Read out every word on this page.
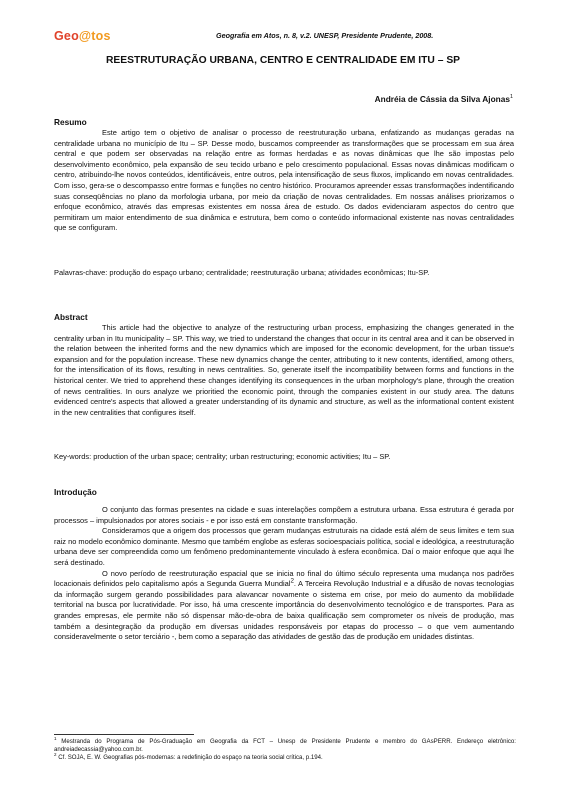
Geo@tos	Geografia em Atos, n. 8, v.2. UNESP, Presidente Prudente, 2008.
REESTRUTURAÇÃO URBANA, CENTRO E CENTRALIDADE EM ITU – SP
Andréia de Cássia da Silva Ajonas$^1$
Resumo

Este artigo tem o objetivo de analisar o processo de reestruturação urbana, enfatizando as mudanças geradas na centralidade urbana no município de Itu – SP. Desse modo, buscamos compreender as transformações que se processam em sua área central e que podem ser observadas na relação entre as formas herdadas e as novas dinâmicas que lhe são impostas pelo desenvolvimento econômico, pela expansão de seu tecido urbano e pelo crescimento populacional. Essas novas dinâmicas modificam o centro, atribuindo-lhe novos conteúdos, identificáveis, entre outros, pela intensificação de seus fluxos, implicando em novas centralidades. Com isso, gera-se o descompasso entre formas e funções no centro histórico. Procuramos apreender essas transformações indentificando suas conseqüências no plano da morfologia urbana, por meio da criação de novas centralidades. Em nossas análises priorizamos o enfoque econômico, através das empresas existentes em nossa área de estudo. Os dados evidenciaram aspectos do centro que permitiram um maior entendimento de sua dinâmica e estrutura, bem como o conteúdo informacional existente nas novas centralidades que se configuram.

Palavras-chave: produção do espaço urbano; centralidade; reestruturação urbana; atividades econômicas; Itu-SP.

Abstract

This article had the objective to analyze of the restructuring urban process, emphasizing the changes generated in the centrality urban in Itu municipality – SP. This way, we tried to understand the changes that occur in its central area and it can be observed in the relation between the inherited forms and the new dynamics which are imposed for the economic development, for the urban tissue's expansion and for the population increase. These new dynamics change the center, attributing to it new contents, identified, among others, for the intensification of its flows, resulting in news centralities. So, generate itself the incompatibility between forms and functions in the historical center. We tried to apprehend these changes identifying its consequences in the urban morphology's plane, through the creation of news centralities. In ours analyze we prioritied the economic point, through the companies existent in our study area. The datuns evidenced centre's aspects that allowed a greater understanding of its dynamic and structure, as well as the informational content existent in the new centralities that configures itself.

Key-words: production of the urban space; centrality; urban restructuring; economic activities; Itu – SP.

Introdução

O conjunto das formas presentes na cidade e suas interelações compõem a estrutura urbana. Essa estrutura é gerada por processos – impulsionados por atores sociais - e por isso está em constante transformação.

Consideramos que a origem dos processos que geram mudanças estruturais na cidade está além de seus limites e tem sua raiz no modelo econômico dominante. Mesmo que também englobe as esferas socioespaciais política, social e ideológica, a reestruturação urbana deve ser compreendida como um fenômeno predominantemente vinculado à esfera econômica. Daí o maior enfoque que aqui lhe será destinado.

O novo período de reestruturação espacial que se inicia no final do último século representa uma mudança nos padrões locacionais definidos pelo capitalismo após a Segunda Guerra Mundial$^2$. A Terceira Revolução Industrial e a difusão de novas tecnologias da informação surgem gerando possibilidades para alavancar novamente o sistema em crise, por meio do aumento da mobilidade territorial na busca por lucratividade. Por isso, há uma crescente importância do desenvolvimento tecnológico e de transportes. Para as grandes empresas, ele permite não só dispensar mão-de-obra de baixa qualificação sem comprometer os níveis de produção, mas também a desintegração da produção em diversas unidades responsáveis por etapas do processo – o que vem aumentando consideravelmente o setor terciário -, bem como a separação das atividades de gestão das de produção em unidades distintas.

$^1$ Mestranda do Programa de Pós-Graduação em Geografia da FCT – Unesp de Presidente Prudente e membro do GAsPERR. Endereço eletrônico: andreiadecassia@yahoo.com.br.

$^2$ Cf. SOJA, E. W. Geografias pós-modernas: a redefinição do espaço na teoria social crítica, p.194.
